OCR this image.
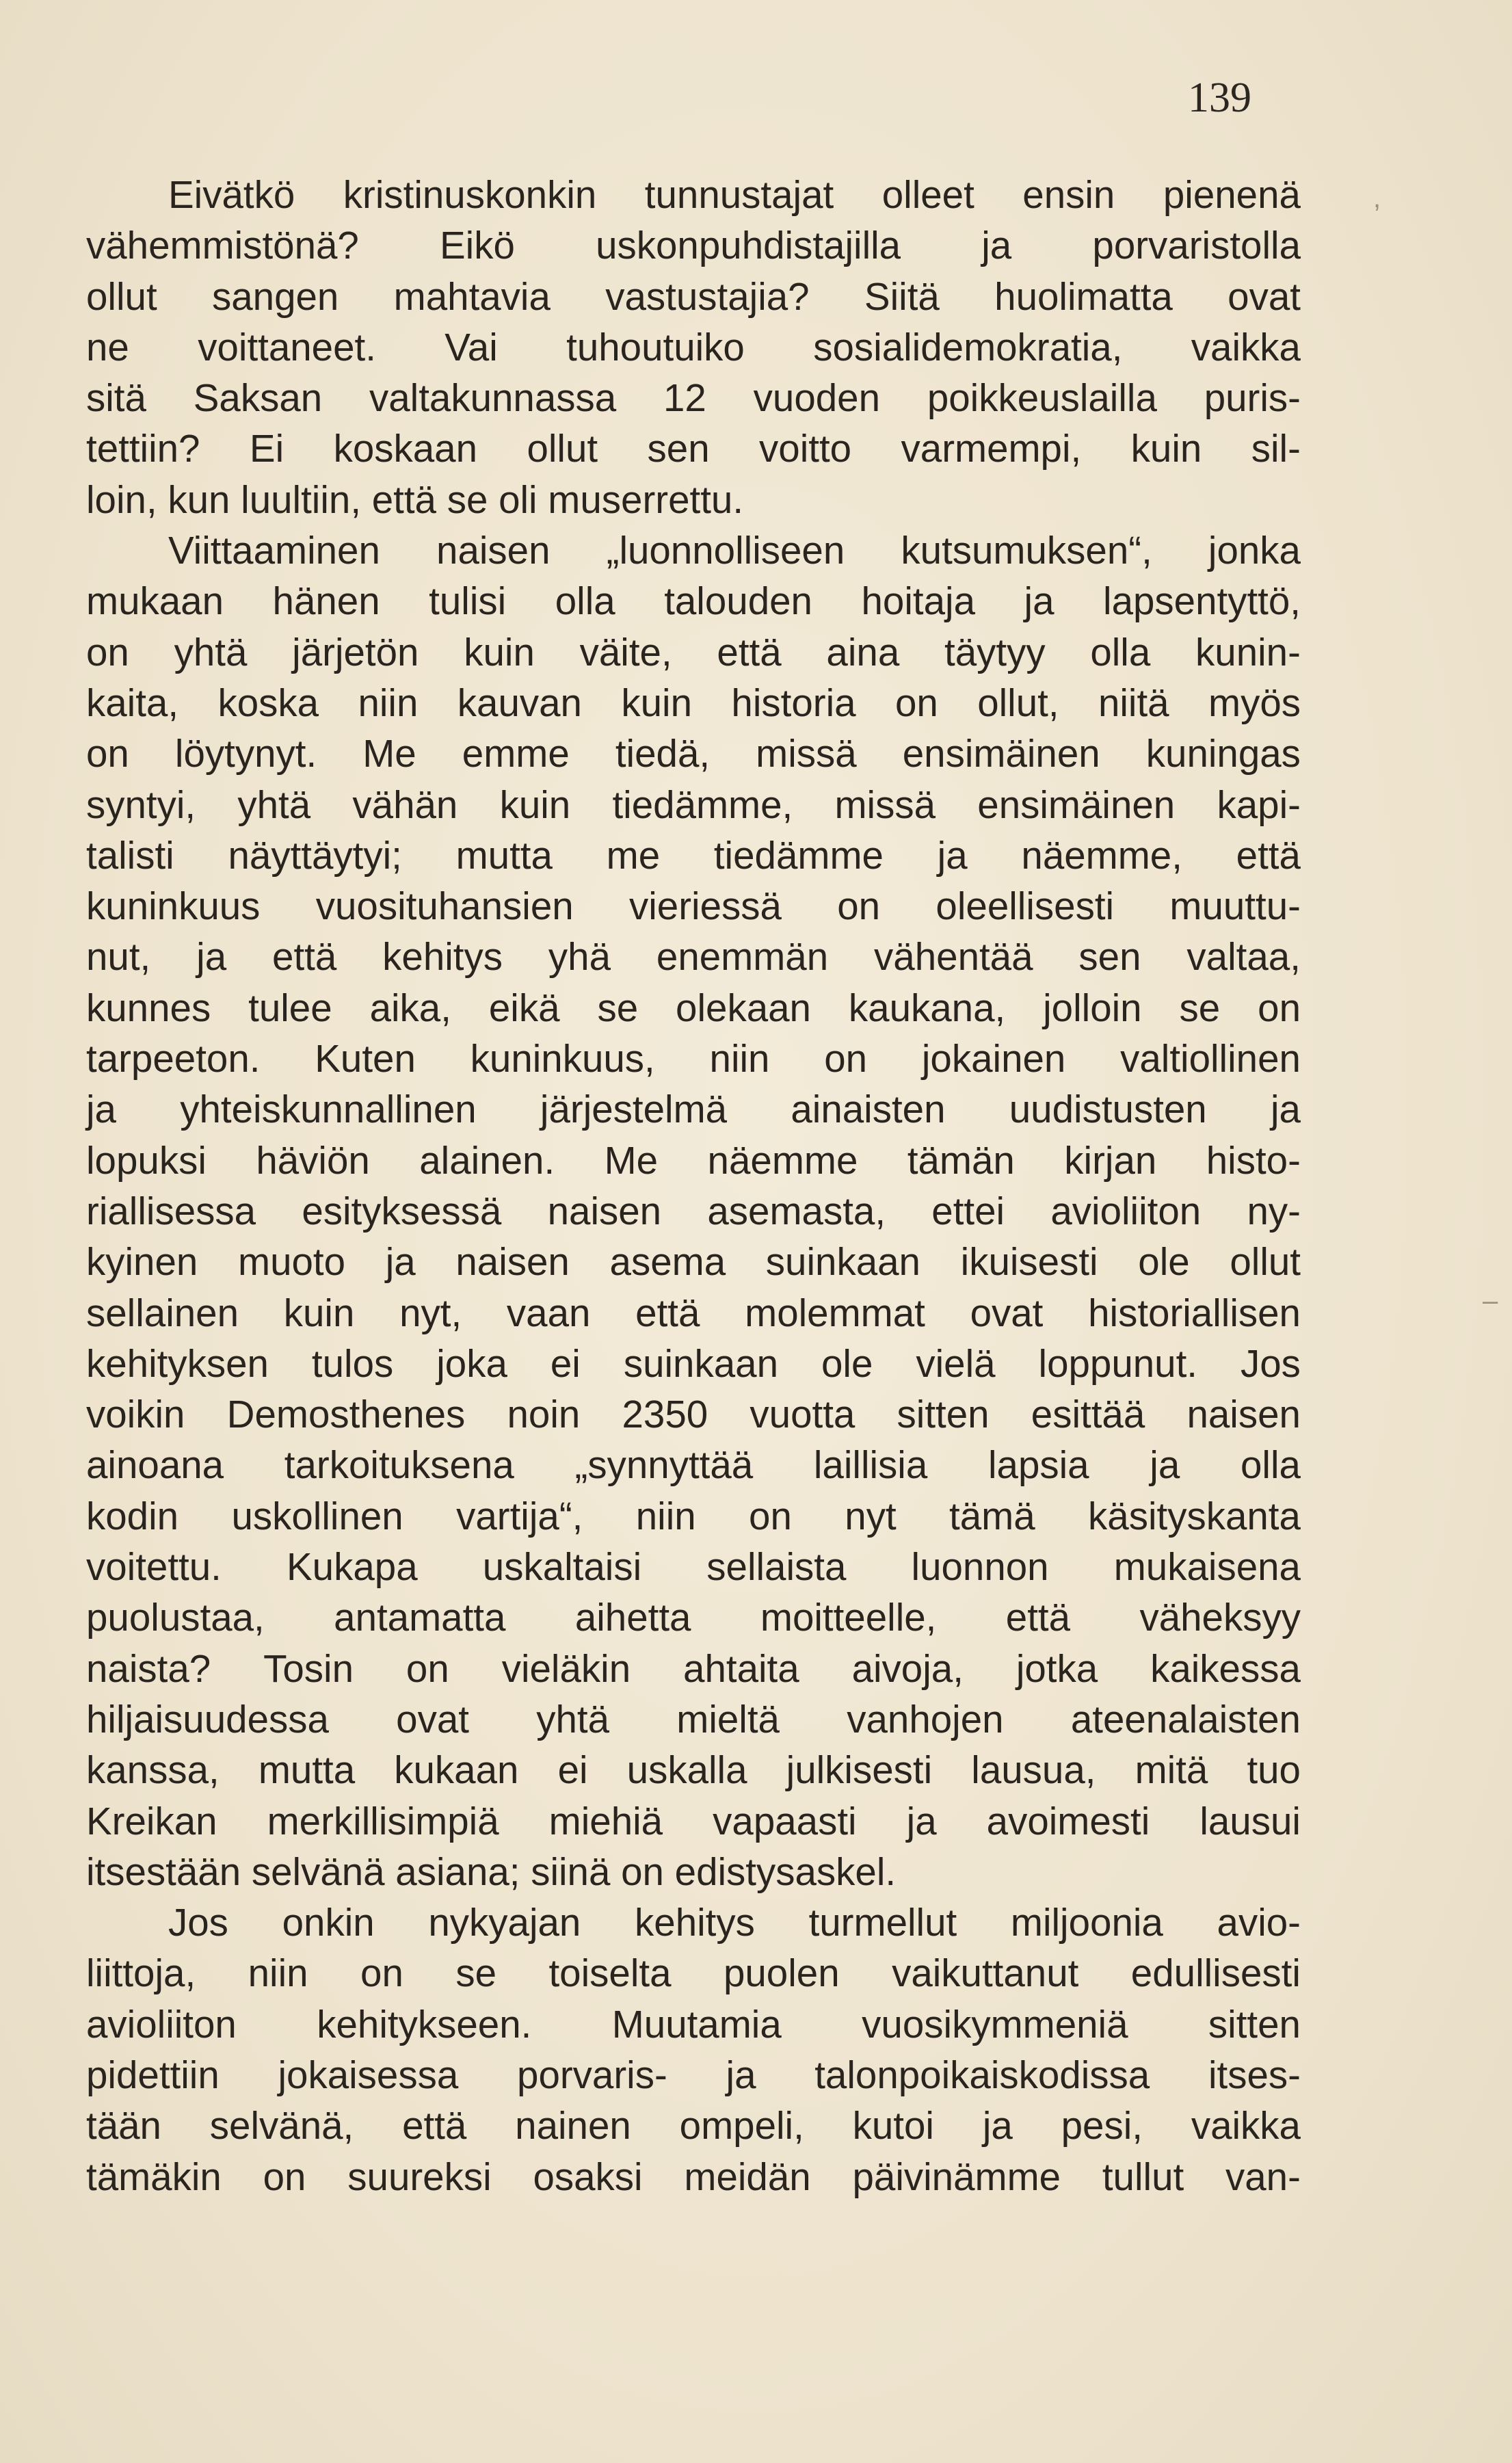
139
Eivätkö kristinuskonkin tunnustajat olleet ensin pienenä
vähemmistönä? Eikö uskonpuhdistajilla ja porvaristolla
ollut sangen mahtavia vastustajia? Siitä huolimatta ovat
ne voittaneet. Vai tuhoutuiko sosialidemokratia, vaikka
sitä Saksan valtakunnassa 12 vuoden poikkeuslailla puris-
tettiin? Ei koskaan ollut sen voitto varmempi, kuin sil-
loin, kun luultiin, että se oli muserrettu.
Viittaaminen naisen „luonnolliseen kutsumuksen“, jonka
mukaan hänen tulisi olla talouden hoitaja ja lapsentyttö,
on yhtä järjetön kuin väite, että aina täytyy olla kunin-
kaita, koska niin kauvan kuin historia on ollut, niitä myös
on löytynyt. Me emme tiedä, missä ensimäinen kuningas
syntyi, yhtä vähän kuin tiedämme, missä ensimäinen kapi-
talisti näyttäytyi; mutta me tiedämme ja näemme, että
kuninkuus vuosituhansien vieriessä on oleellisesti muuttu-
nut, ja että kehitys yhä enemmän vähentää sen valtaa,
kunnes tulee aika, eikä se olekaan kaukana, jolloin se on
tarpeeton. Kuten kuninkuus, niin on jokainen valtiollinen
ja yhteiskunnallinen järjestelmä ainaisten uudistusten ja
lopuksi häviön alainen. Me näemme tämän kirjan histo-
riallisessa esityksessä naisen asemasta, ettei avioliiton ny-
kyinen muoto ja naisen asema suinkaan ikuisesti ole ollut
sellainen kuin nyt, vaan että molemmat ovat historiallisen
kehityksen tulos joka ei suinkaan ole vielä loppunut. Jos
voikin Demosthenes noin 2350 vuotta sitten esittää naisen
ainoana tarkoituksena „synnyttää laillisia lapsia ja olla
kodin uskollinen vartija“, niin on nyt tämä käsityskanta
voitettu. Kukapa uskaltaisi sellaista luonnon mukaisena
puolustaa, antamatta aihetta moitteelle, että väheksyy
naista? Tosin on vieläkin ahtaita aivoja, jotka kaikessa
hiljaisuudessa ovat yhtä mieltä vanhojen ateenalaisten
kanssa, mutta kukaan ei uskalla julkisesti lausua, mitä tuo
Kreikan merkillisimpiä miehiä vapaasti ja avoimesti lausui
itsestään selvänä asiana; siinä on edistysaskel.
Jos onkin nykyajan kehitys turmellut miljoonia avio-
liittoja, niin on se toiselta puolen vaikuttanut edullisesti
avioliiton kehitykseen. Muutamia vuosikymmeniä sitten
pidettiin jokaisessa porvaris- ja talonpoikaiskodissa itses-
tään selvänä, että nainen ompeli, kutoi ja pesi, vaikka
tämäkin on suureksi osaksi meidän päivinämme tullut van-
,
–
